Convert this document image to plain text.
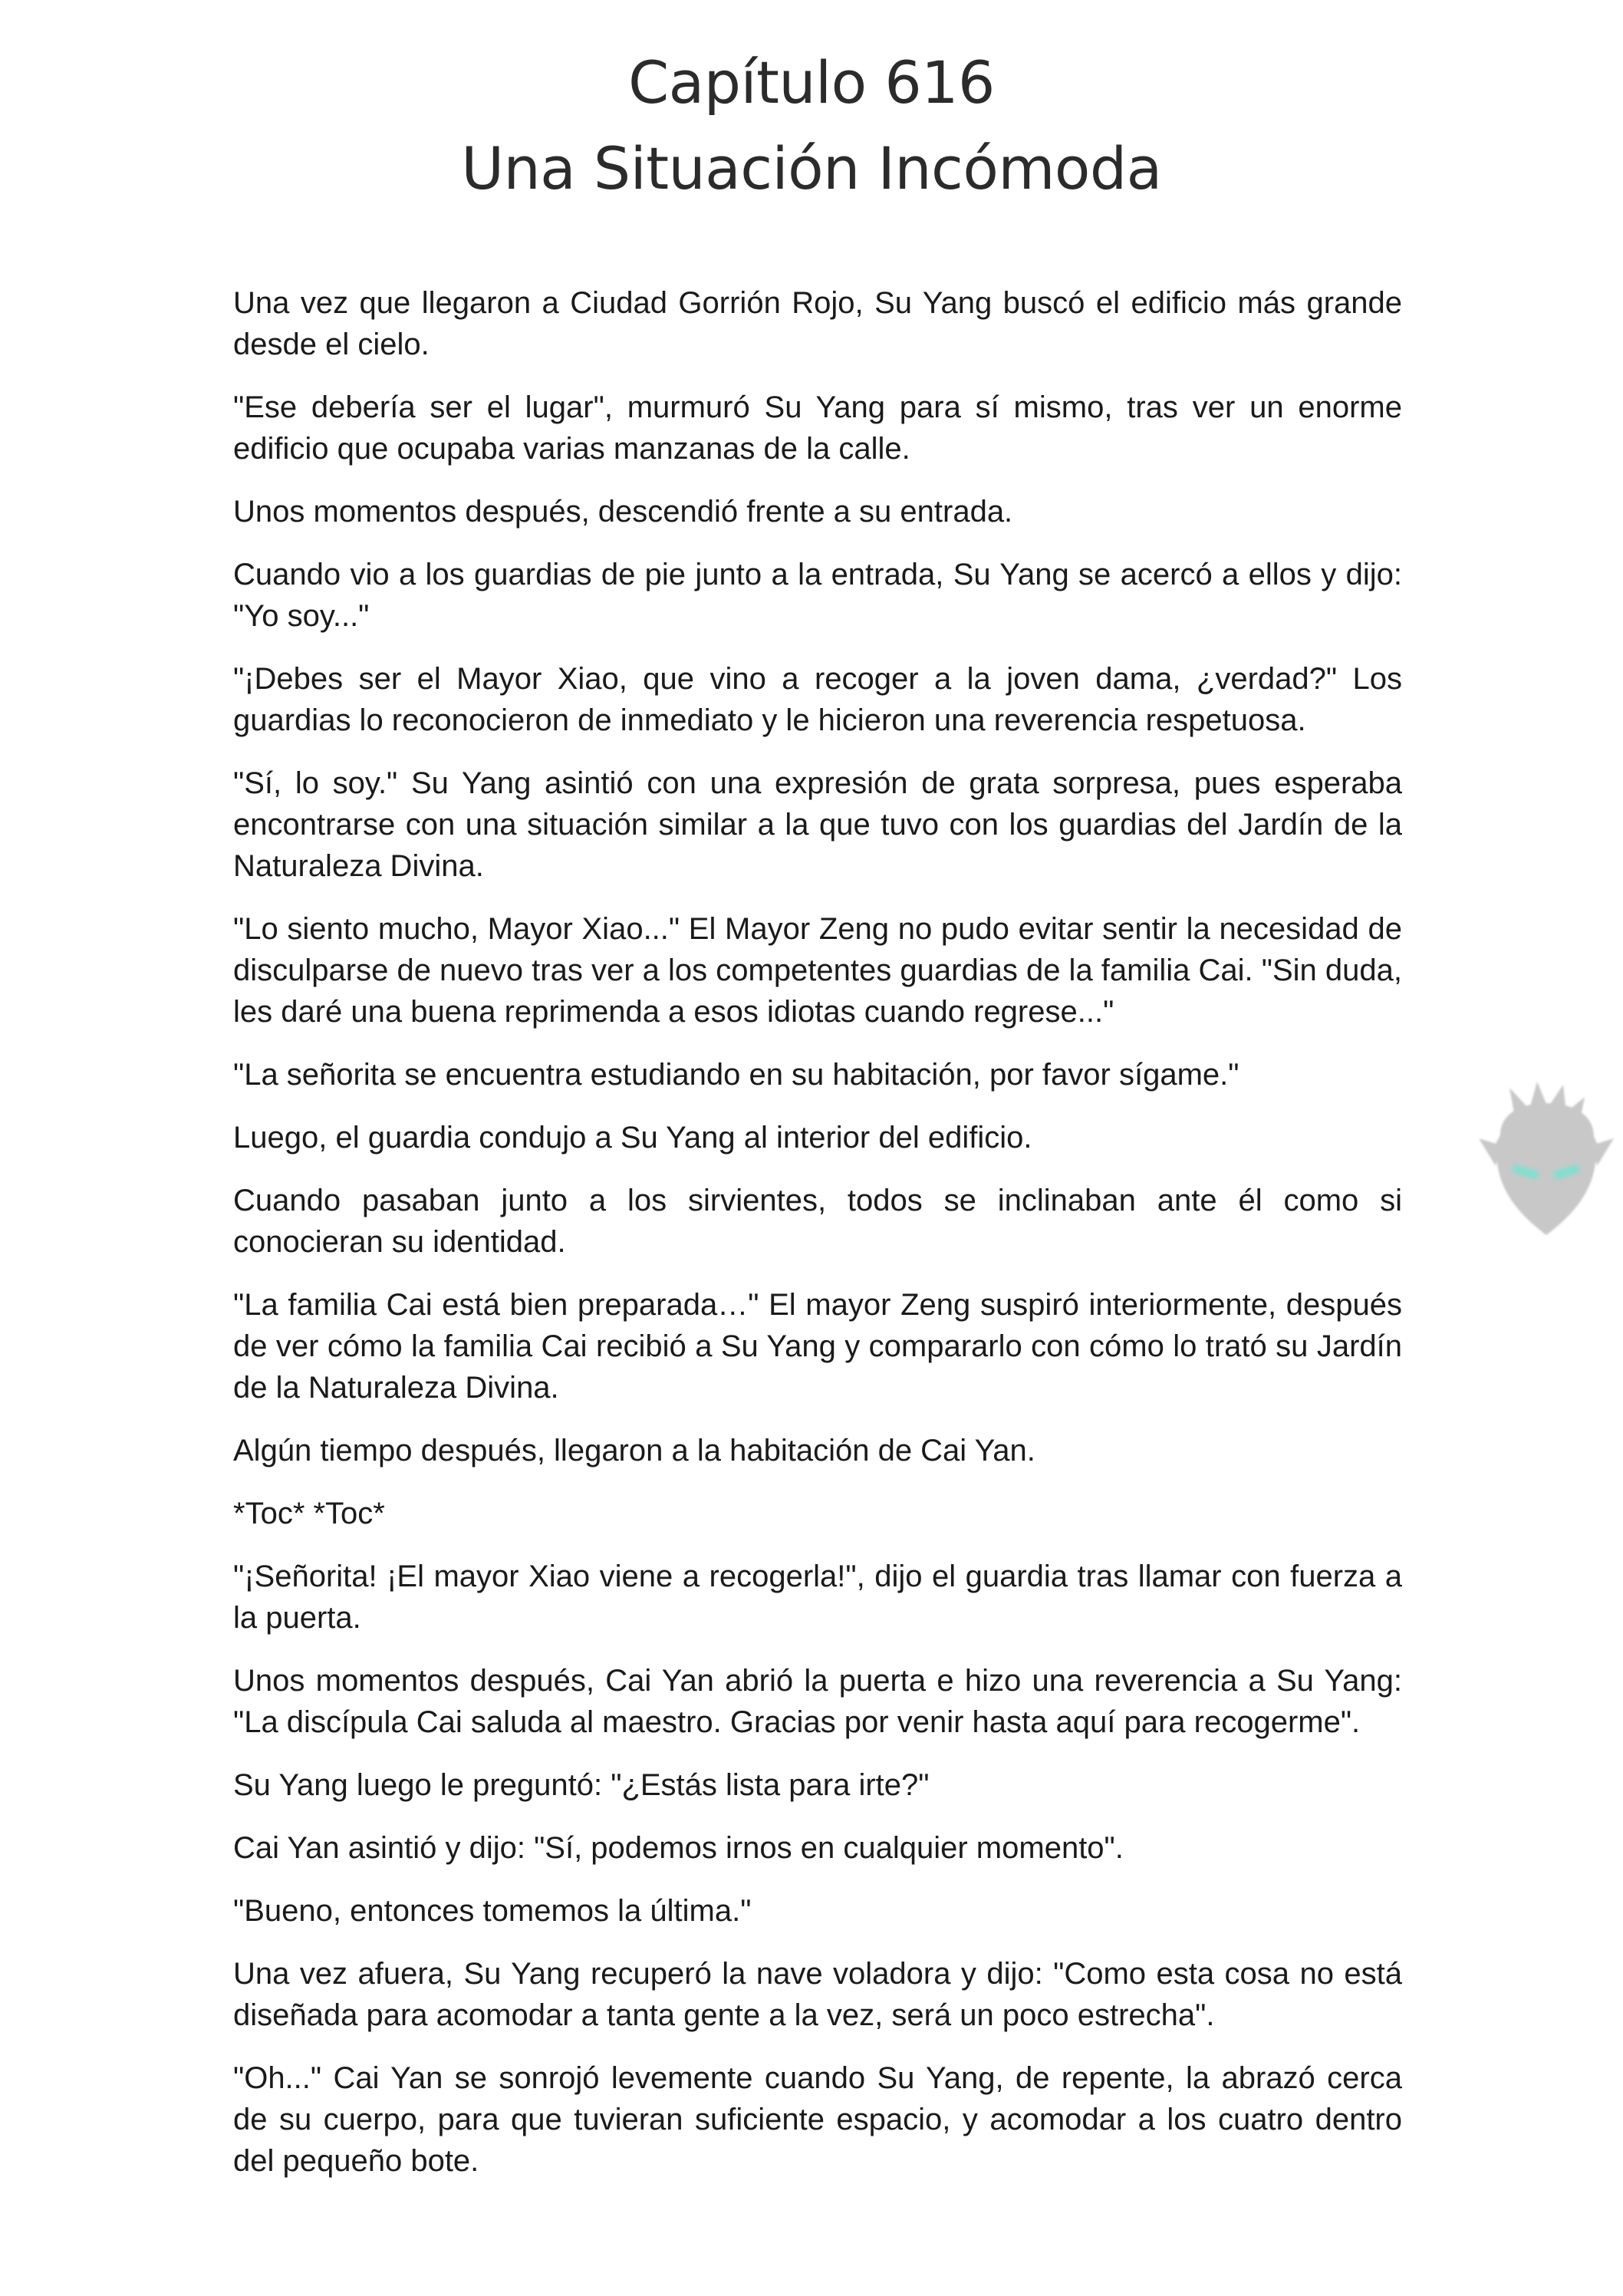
Capítulo 616
Una Situación Incómoda

Una vez que llegaron a Ciudad Gorrión Rojo, Su Yang buscó el edificio más grande desde el cielo.

"Ese debería ser el lugar", murmuró Su Yang para sí mismo, tras ver un enorme edificio que ocupaba varias manzanas de la calle.

Unos momentos después, descendió frente a su entrada.

Cuando vio a los guardias de pie junto a la entrada, Su Yang se acercó a ellos y dijo: "Yo soy..."

"¡Debes ser el Mayor Xiao, que vino a recoger a la joven dama, ¿verdad?" Los guardias lo reconocieron de inmediato y le hicieron una reverencia respetuosa.

"Sí, lo soy." Su Yang asintió con una expresión de grata sorpresa, pues esperaba encontrarse con una situación similar a la que tuvo con los guardias del Jardín de la Naturaleza Divina.

"Lo siento mucho, Mayor Xiao..." El Mayor Zeng no pudo evitar sentir la necesidad de disculparse de nuevo tras ver a los competentes guardias de la familia Cai. "Sin duda, les daré una buena reprimenda a esos idiotas cuando regrese..."

"La señorita se encuentra estudiando en su habitación, por favor sígame."

Luego, el guardia condujo a Su Yang al interior del edificio.

Cuando pasaban junto a los sirvientes, todos se inclinaban ante él como si conocieran su identidad.

"La familia Cai está bien preparada…" El mayor Zeng suspiró interiormente, después de ver cómo la familia Cai recibió a Su Yang y compararlo con cómo lo trató su Jardín de la Naturaleza Divina.

Algún tiempo después, llegaron a la habitación de Cai Yan.

*Toc* *Toc*

"¡Señorita! ¡El mayor Xiao viene a recogerla!", dijo el guardia tras llamar con fuerza a la puerta.

Unos momentos después, Cai Yan abrió la puerta e hizo una reverencia a Su Yang: "La discípula Cai saluda al maestro. Gracias por venir hasta aquí para recogerme".

Su Yang luego le preguntó: "¿Estás lista para irte?"

Cai Yan asintió y dijo: "Sí, podemos irnos en cualquier momento".

"Bueno, entonces tomemos la última."

Una vez afuera, Su Yang recuperó la nave voladora y dijo: "Como esta cosa no está diseñada para acomodar a tanta gente a la vez, será un poco estrecha".

"Oh..." Cai Yan se sonrojó levemente cuando Su Yang, de repente, la abrazó cerca de su cuerpo, para que tuvieran suficiente espacio, y acomodar a los cuatro dentro del pequeño bote.
